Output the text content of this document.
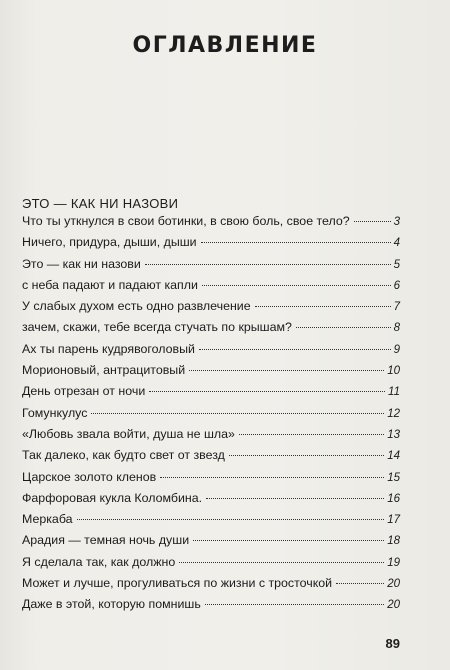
ОГЛАВЛЕНИЕ
ЭТО — КАК НИ НАЗОВИ
Что ты уткнулся в свои ботинки, в свою боль, свое тело?	3
Ничего, придура, дыши, дыши	4
Это — как ни назови	5
с неба падают и падают капли	6
У слабых духом есть одно развлечение	7
зачем, скажи, тебе всегда стучать по крышам?	8
Ах ты парень кудрявоголовый	9
Морионовый, антрацитовый	10
День отрезан от ночи	11
Гомункулус	12
«Любовь звала войти, душа не шла»	13
Так далеко, как будто свет от звезд	14
Царское золото кленов	15
Фарфоровая кукла Коломбина.	16
Меркаба	17
Арадия — темная ночь души	18
Я сделала так, как должно	19
Может и лучше, прогуливаться по жизни с тросточкой	20
Даже в этой, которую помнишь	20
89
